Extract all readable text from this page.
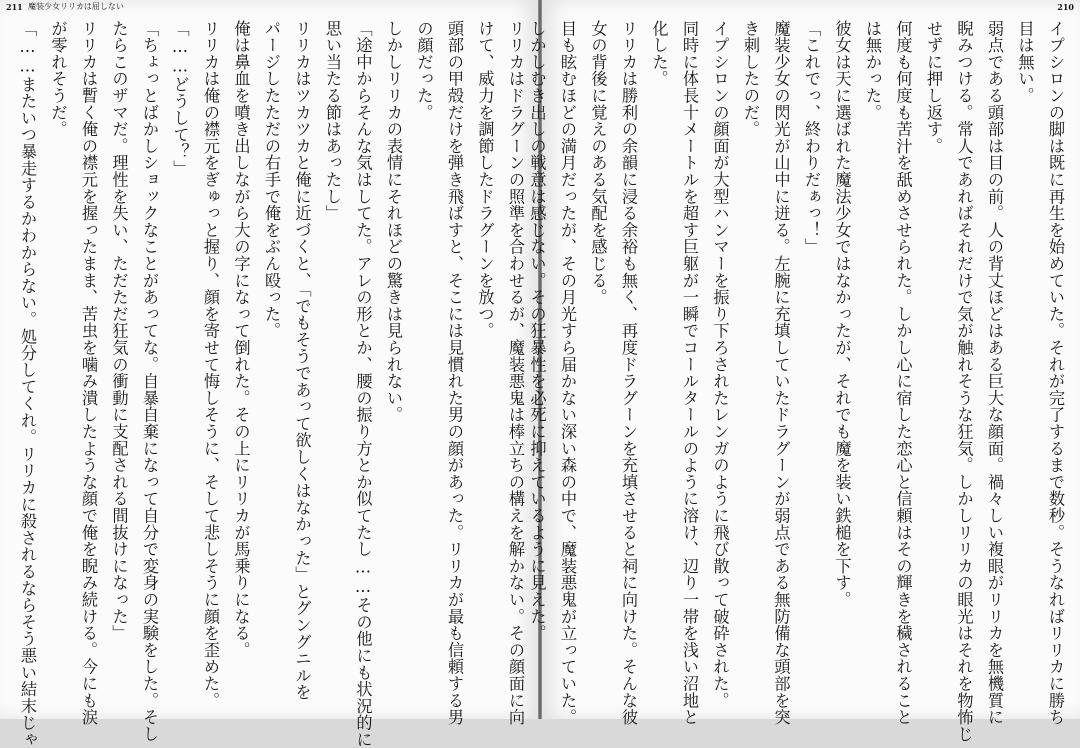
211 魔装少女リリカは屈しない
リリカはドラグーンの照準を合わせるが、魔装悪鬼は棒立ちの構えを解かない。その顔面に向
けて、威力を調節したドラグーンを放つ。
頭部の甲殻だけを弾き飛ばすと、そこには見慣れた男の顔があった。リリカが最も信頼する男
の顔だった。
しかしリリカの表情にそれほどの驚きは見られない。
「途中からそんな気はしてた。アレの形とか、腰の振り方とか似てたし……その他にも状況的に
思い当たる節はあったし」
リリカはツカツカと俺に近づくと、「でもそうであって欲しくはなかった」とグングニルを
パージしたただの右手で俺をぶん殴った。
俺は鼻血を噴き出しながら大の字になって倒れた。その上にリリカが馬乗りになる。
リリカは俺の襟元をぎゅっと握り、顔を寄せて悔しそうに、そして悲しそうに顔を歪めた。
「……どうして？」
「ちょっとばかしショックなことがあってな。自暴自棄になって自分で変身の実験をした。そし
たらこのザマだ。理性を失い、ただただ狂気の衝動に支配される間抜けになった」
リリカは暫く俺の襟元を握ったまま、苦虫を噛み潰したような顔で俺を睨み続ける。今にも涙
が零れそうだ。
「……またいつ暴走するかわからない。処分してくれ。リリカに殺されるならそう悪い結末じゃ
210
イプシロンの脚は既に再生を始めていた。それが完了するまで数秒。そうなればリリカに勝ち
目は無い。
弱点である頭部は目の前。人の背丈ほどはある巨大な顔面。禍々しい複眼がリリカを無機質に
睨みつける。常人であればそれだけで気が触れそうな狂気。しかしリリカの眼光はそれを物怖じ
せずに押し返す。
何度も何度も苦汁を舐めさせられた。しかし心に宿した恋心と信頼はその輝きを穢されること
は無かった。
彼女は天に選ばれた魔法少女ではなかったが、それでも魔を装い鉄槌を下す。
「これでっ、終わりだぁっ！」
魔装少女の閃光が山中に迸る。左腕に充填していたドラグーンが弱点である無防備な頭部を突
き刺したのだ。
イプシロンの顔面が大型ハンマーを振り下ろされたレンガのように飛び散って破砕された。
同時に体長十メートルを超す巨躯が一瞬でコールタールのように溶け、辺り一帯を浅い沼地と
化した。
リリカは勝利の余韻に浸る余裕も無く、再度ドラグーンを充填させると祠に向けた。そんな彼
女の背後に覚えのある気配を感じる。
目も眩むほどの満月だったが、その月光すら届かない深い森の中で、魔装悪鬼が立っていた。
しかしむき出しの戦意は感じない。その狂暴性を必死に抑えているように見えた。
